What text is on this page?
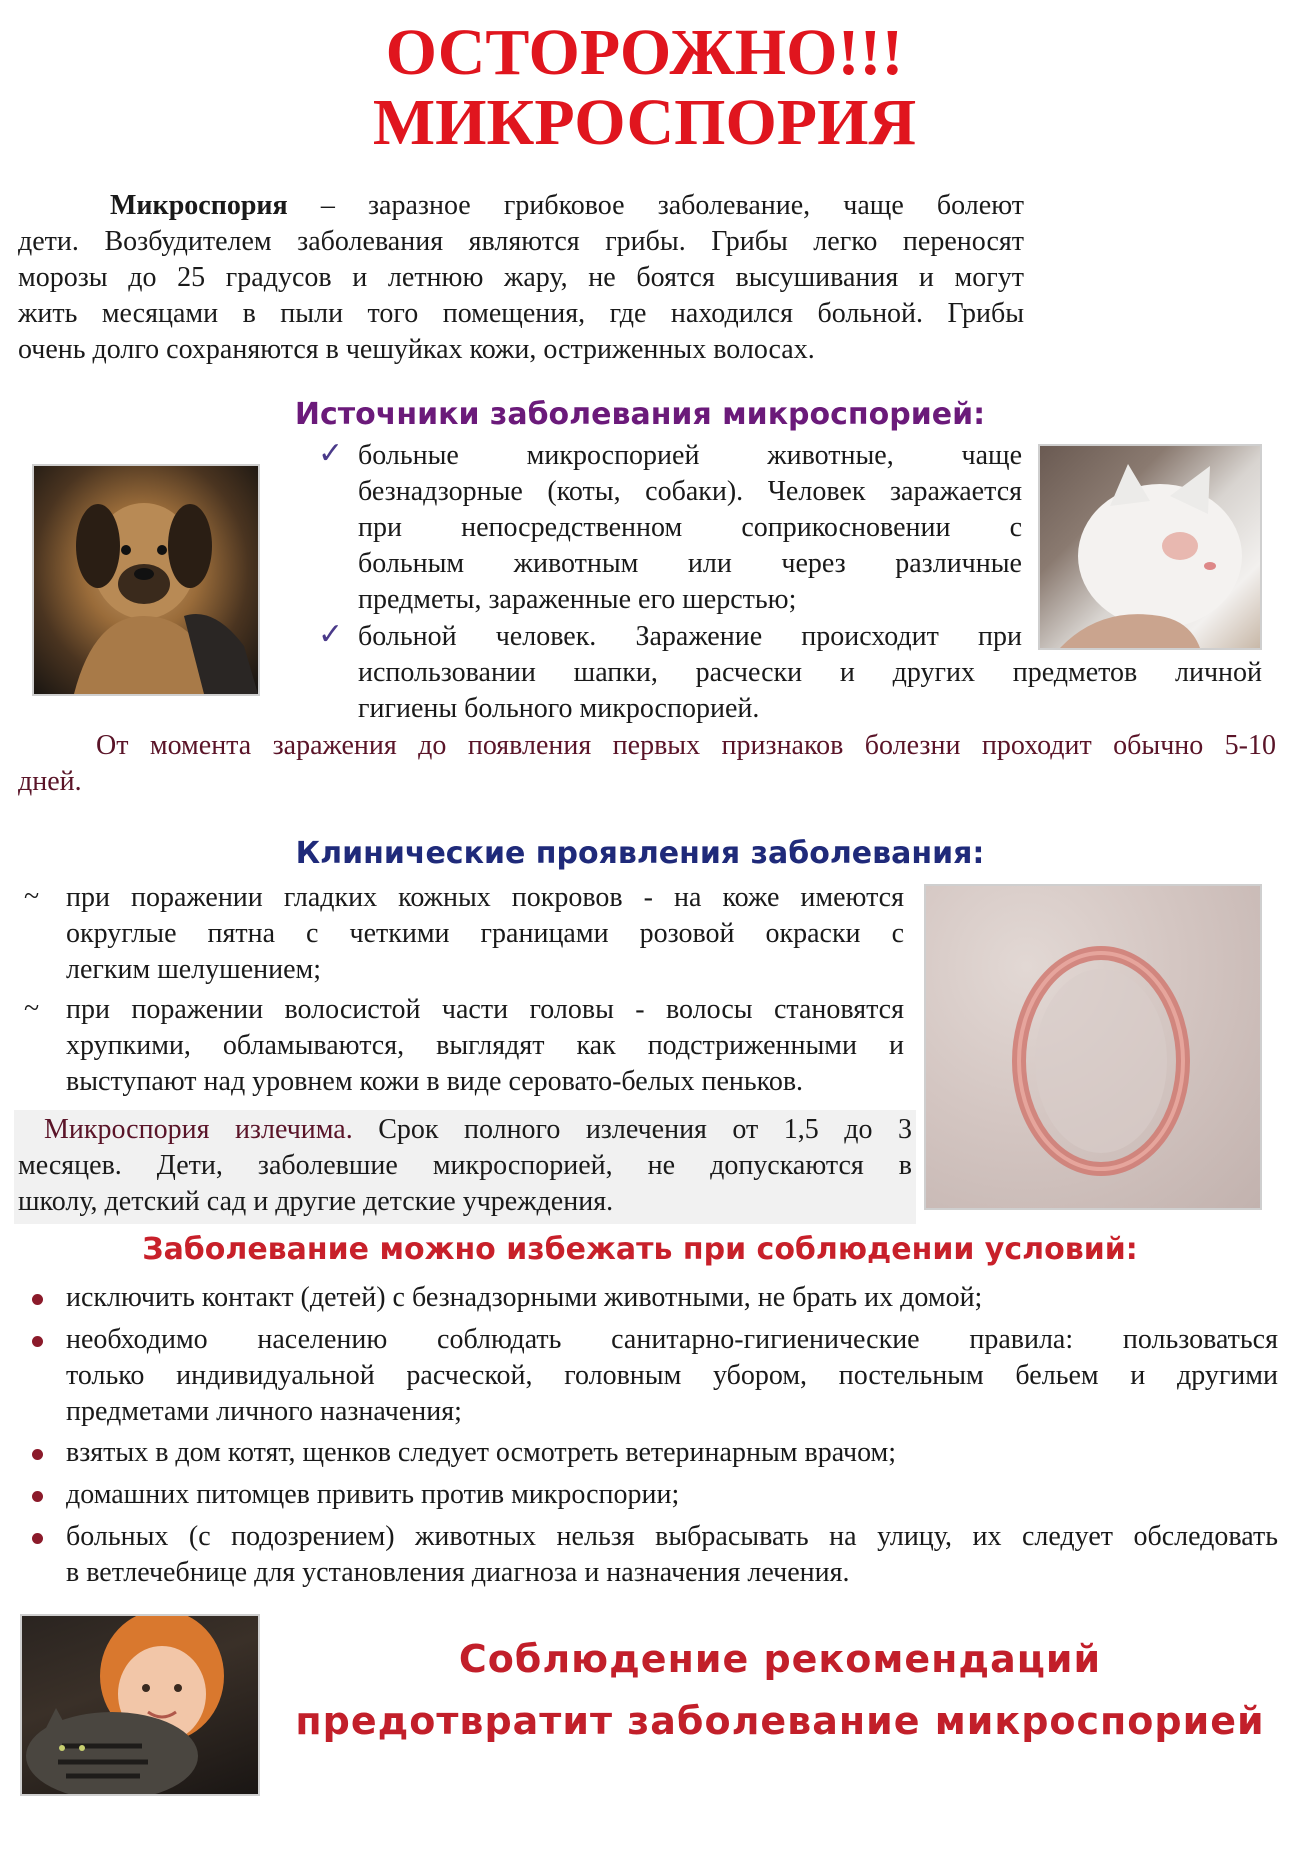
ОСТОРОЖНО!!!
МИКРОСПОРИЯ
Микроспория – заразное грибковое заболевание, чаще болеют
дети. Возбудителем заболевания являются грибы. Грибы легко переносят
морозы до 25 градусов и летнюю жару, не боятся высушивания и могут
жить месяцами в пыли того помещения, где находился больной. Грибы
очень долго сохраняются в чешуйках кожи, остриженных волосах.
Источники заболевания микроспорией:
✓ больные микроспорией животные, чаще
безнадзорные (коты, собаки). Человек заражается
при непосредственном соприкосновении с
больным животным или через различные
предметы, зараженные его шерстью;
✓ больной человек. Заражение происходит при
использовании шапки, расчески и других предметов личной
гигиены больного микроспорией.
От момента заражения до появления первых признаков болезни проходит обычно 5-10
дней.
Клинические проявления заболевания:
~ при поражении гладких кожных покровов - на коже имеются
округлые пятна с четкими границами розовой окраски с
легким шелушением;
~ при поражении волосистой части головы - волосы становятся
хрупкими, обламываются, выглядят как подстриженными и
выступают над уровнем кожи в виде серовато-белых пеньков.
Микроспория излечима. Срок полного излечения от 1,5 до 3
месяцев. Дети, заболевшие микроспорией, не допускаются в
школу, детский сад и другие детские учреждения.
Заболевание можно избежать при соблюдении условий:
исключить контакт (детей) с безнадзорными животными, не брать их домой;
необходимо населению соблюдать санитарно-гигиенические правила: пользоваться
только индивидуальной расческой, головным убором, постельным бельем и другими
предметами личного назначения;
взятых в дом котят, щенков следует осмотреть ветеринарным врачом;
домашних питомцев привить против микроспории;
больных (с подозрением) животных нельзя выбрасывать на улицу, их следует обследовать
в ветлечебнице для установления диагноза и назначения лечения.
Соблюдение рекомендаций
предотвратит заболевание микроспорией
